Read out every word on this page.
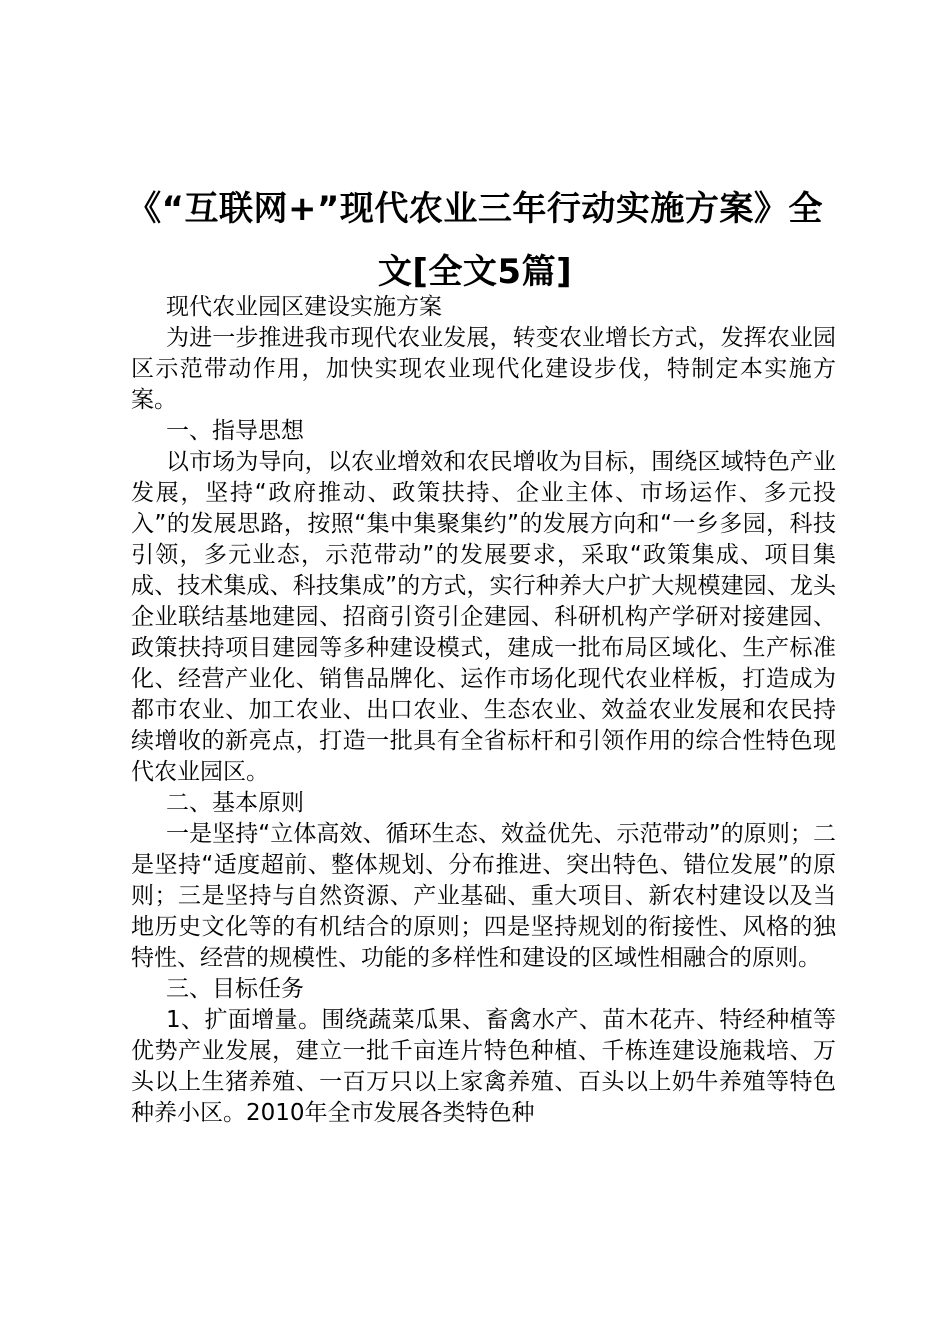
《“互联网+”现代农业三年行动实施方案》全文[全文5篇]

现代农业园区建设实施方案

为进一步推进我市现代农业发展，转变农业增长方式，发挥农业园区示范带动作用，加快实现农业现代化建设步伐，特制定本实施方案。

一、指导思想

以市场为导向，以农业增效和农民增收为目标，围绕区域特色产业发展，坚持“政府推动、政策扶持、企业主体、市场运作、多元投入”的发展思路，按照“集中集聚集约”的发展方向和“一乡多园，科技引领，多元业态，示范带动”的发展要求，采取“政策集成、项目集成、技术集成、科技集成”的方式，实行种养大户扩大规模建园、龙头企业联结基地建园、招商引资引企建园、科研机构产学研对接建园、政策扶持项目建园等多种建设模式，建成一批布局区域化、生产标准化、经营产业化、销售品牌化、运作市场化现代农业样板，打造成为都市农业、加工农业、出口农业、生态农业、效益农业发展和农民持续增收的新亮点，打造一批具有全省标杆和引领作用的综合性特色现代农业园区。

二、基本原则

一是坚持“立体高效、循环生态、效益优先、示范带动”的原则；二是坚持“适度超前、整体规划、分布推进、突出特色、错位发展”的原则；三是坚持与自然资源、产业基础、重大项目、新农村建设以及当地历史文化等的有机结合的原则；四是坚持规划的衔接性、风格的独特性、经营的规模性、功能的多样性和建设的区域性相融合的原则。

三、目标任务

1、扩面增量。围绕蔬菜瓜果、畜禽水产、苗木花卉、特经种植等优势产业发展，建立一批千亩连片特色种植、千栋连建设施栽培、万头以上生猪养殖、一百万只以上家禽养殖、百头以上奶牛养殖等特色种养小区。2010年全市发展各类特色种
